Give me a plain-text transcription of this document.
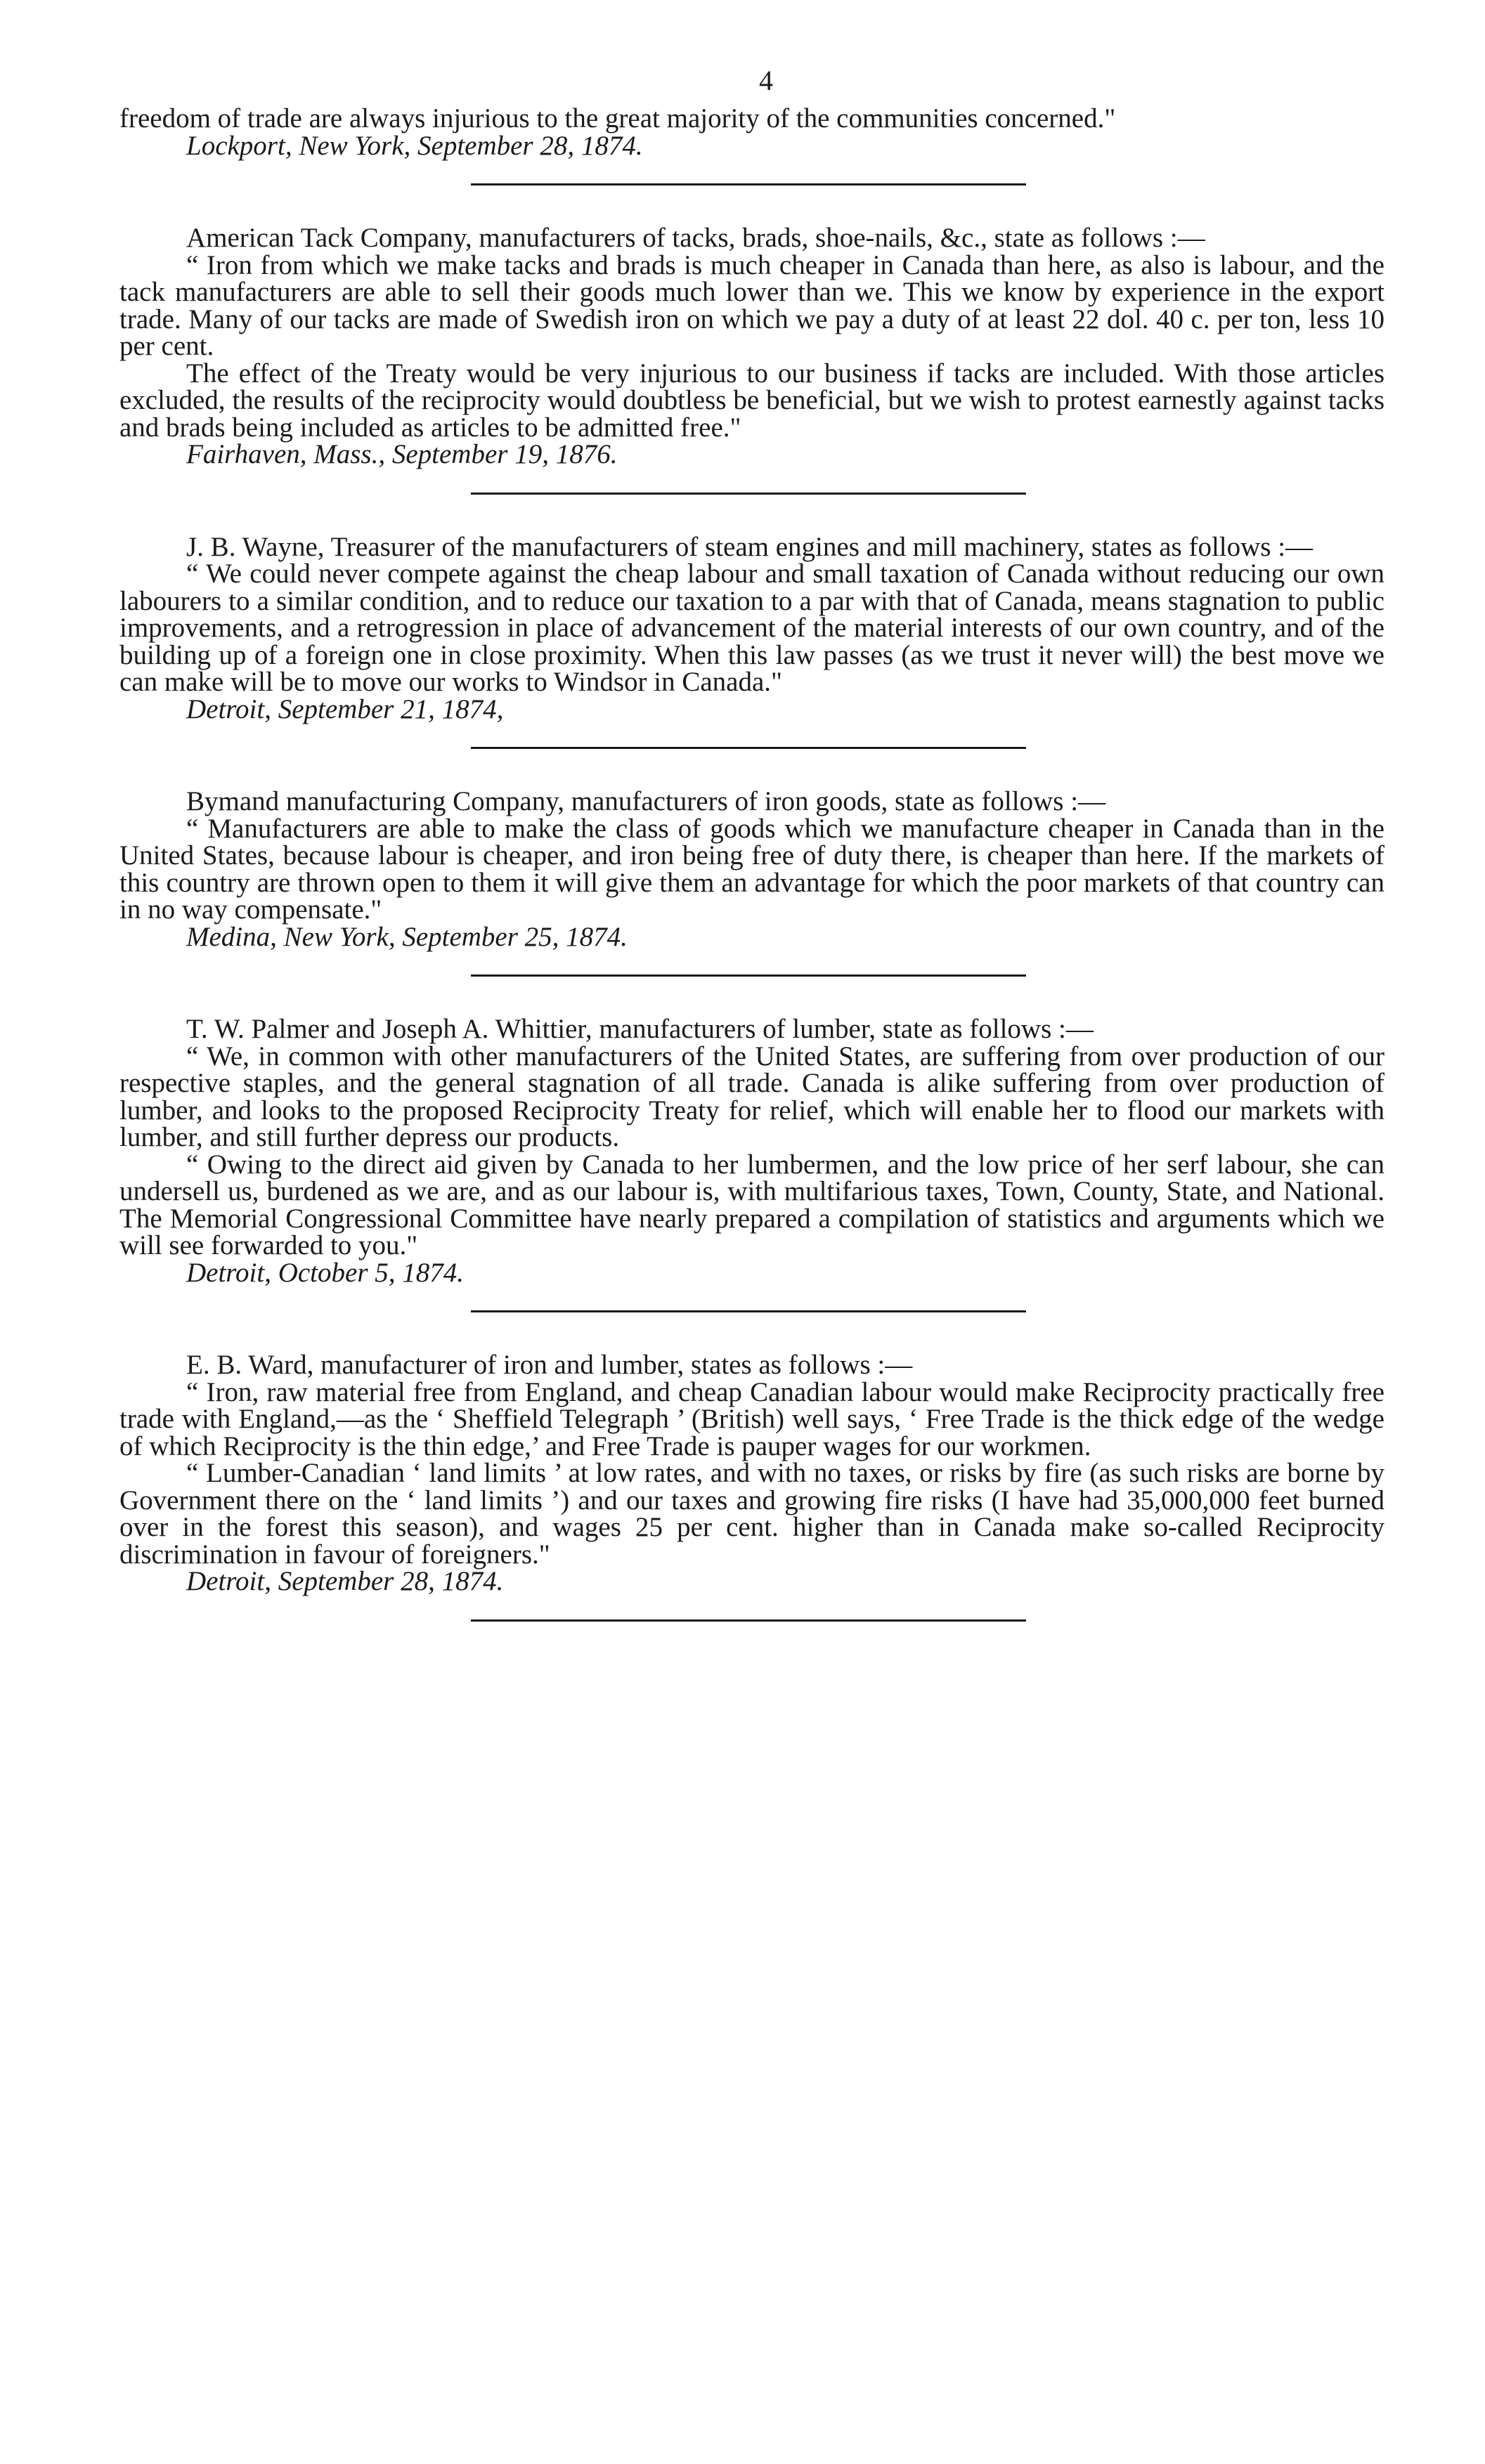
4

freedom of trade are always injurious to the great majority of the communities concerned."

Lockport, New York, September 28, 1874.

American Tack Company, manufacturers of tacks, brads, shoe-nails, &c., state as follows :—

“ Iron from which we make tacks and brads is much cheaper in Canada than here, as also is labour, and the tack manufacturers are able to sell their goods much lower than we. This we know by experience in the export trade. Many of our tacks are made of Swedish iron on which we pay a duty of at least 22 dol. 40 c. per ton, less 10 per cent.

The effect of the Treaty would be very injurious to our business if tacks are included. With those articles excluded, the results of the reciprocity would doubtless be beneficial, but we wish to protest earnestly against tacks and brads being included as articles to be admitted free."

Fairhaven, Mass., September 19, 1876.

J. B. Wayne, Treasurer of the manufacturers of steam engines and mill machinery, states as follows :—

“ We could never compete against the cheap labour and small taxation of Canada without reducing our own labourers to a similar condition, and to reduce our taxation to a par with that of Canada, means stagnation to public improvements, and a retrogression in place of advancement of the material interests of our own country, and of the building up of a foreign one in close proximity. When this law passes (as we trust it never will) the best move we can make will be to move our works to Windsor in Canada."

Detroit, September 21, 1874,

Bymand manufacturing Company, manufacturers of iron goods, state as follows :—

“ Manufacturers are able to make the class of goods which we manufacture cheaper in Canada than in the United States, because labour is cheaper, and iron being free of duty there, is cheaper than here. If the markets of this country are thrown open to them it will give them an advantage for which the poor markets of that country can in no way compensate."

Medina, New York, September 25, 1874.

T. W. Palmer and Joseph A. Whittier, manufacturers of lumber, state as follows :—

“ We, in common with other manufacturers of the United States, are suffering from over production of our respective staples, and the general stagnation of all trade. Canada is alike suffering from over production of lumber, and looks to the proposed Reciprocity Treaty for relief, which will enable her to flood our markets with lumber, and still further depress our products.

“ Owing to the direct aid given by Canada to her lumbermen, and the low price of her serf labour, she can undersell us, burdened as we are, and as our labour is, with multifarious taxes, Town, County, State, and National. The Memorial Congressional Committee have nearly prepared a compilation of statistics and arguments which we will see forwarded to you."

Detroit, October 5, 1874.

E. B. Ward, manufacturer of iron and lumber, states as follows :—

“ Iron, raw material free from England, and cheap Canadian labour would make Reciprocity practically free trade with England,—as the ‘ Sheffield Telegraph ’ (British) well says, ‘ Free Trade is the thick edge of the wedge of which Reciprocity is the thin edge,’ and Free Trade is pauper wages for our workmen.

“ Lumber-Canadian ‘ land limits ’ at low rates, and with no taxes, or risks by fire (as such risks are borne by Government there on the ‘ land limits ’) and our taxes and growing fire risks (I have had 35,000,000 feet burned over in the forest this season), and wages 25 per cent. higher than in Canada make so-called Reciprocity discrimination in favour of foreigners."

Detroit, September 28, 1874.
